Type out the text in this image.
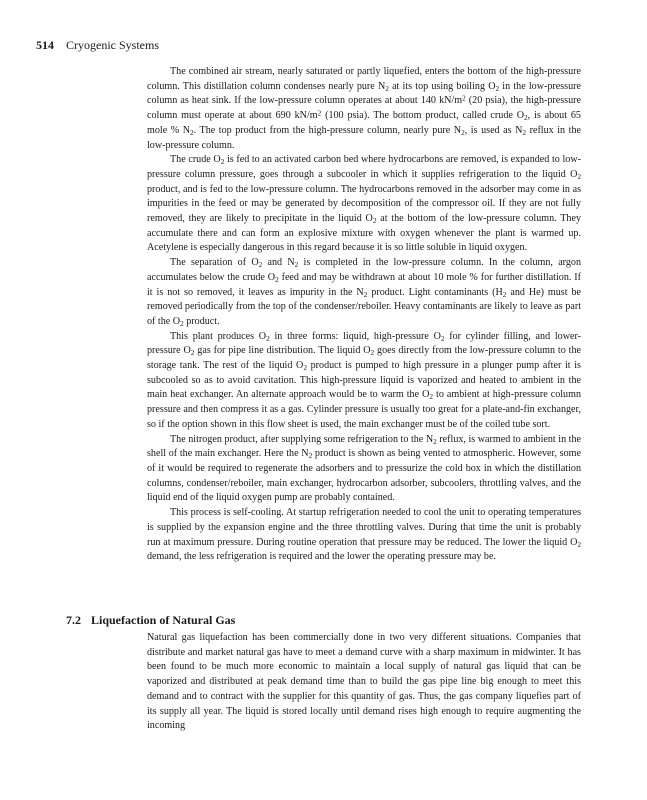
514 Cryogenic Systems

The combined air stream, nearly saturated or partly liquefied, enters the bottom of the high-pressure column. This distillation column condenses nearly pure $N_2$ at its top using boiling $O_2$ in the low-pressure column as heat sink. If the low-pressure column operates at about 140 $kN/m^2$ (20 psia), the high-pressure column must operate at about 690 $kN/m^2$ (100 psia). The bottom product, called crude $O_2$, is about 65 mole % $N_2$. The top product from the high-pressure column, nearly pure $N_2$, is used as $N_2$ reflux in the low-pressure column.

The crude $O_2$ is fed to an activated carbon bed where hydrocarbons are removed, is expanded to low-pressure column pressure, goes through a subcooler in which it supplies refrigeration to the liquid $O_2$ product, and is fed to the low-pressure column. The hydrocarbons removed in the adsorber may come in as impurities in the feed or may be generated by decomposition of the compressor oil. If they are not fully removed, they are likely to precipitate in the liquid $O_2$ at the bottom of the low-pressure column. They accumulate there and can form an explosive mixture with oxygen whenever the plant is warmed up. Acetylene is especially dangerous in this regard because it is so little soluble in liquid oxygen.

The separation of $O_2$ and $N_2$ is completed in the low-pressure column. In the column, argon accumulates below the crude $O_2$ feed and may be withdrawn at about 10 mole % for further distillation. If it is not so removed, it leaves as impurity in the $N_2$ product. Light contaminants ($H_2$ and He) must be removed periodically from the top of the condenser/reboiler. Heavy contaminants are likely to leave as part of the $O_2$ product.

This plant produces $O_2$ in three forms: liquid, high-pressure $O_2$ for cylinder filling, and lower-pressure $O_2$ gas for pipe line distribution. The liquid $O_2$ goes directly from the low-pressure column to the storage tank. The rest of the liquid $O_2$ product is pumped to high pressure in a plunger pump after it is subcooled so as to avoid cavitation. This high-pressure liquid is vaporized and heated to ambient in the main heat exchanger. An alternate approach would be to warm the $O_2$ to ambient at high-pressure column pressure and then compress it as a gas. Cylinder pressure is usually too great for a plate-and-fin exchanger, so if the option shown in this flow sheet is used, the main exchanger must be of the coiled tube sort.

The nitrogen product, after supplying some refrigeration to the $N_2$ reflux, is warmed to ambient in the shell of the main exchanger. Here the $N_2$ product is shown as being vented to atmospheric. However, some of it would be required to regenerate the adsorbers and to pressurize the cold box in which the distillation columns, condenser/reboiler, main exchanger, hydrocarbon adsorber, subcoolers, throttling valves, and the liquid end of the liquid oxygen pump are probably contained.

This process is self-cooling. At startup refrigeration needed to cool the unit to operating temperatures is supplied by the expansion engine and the three throttling valves. During that time the unit is probably run at maximum pressure. During routine operation that pressure may be reduced. The lower the liquid $O_2$ demand, the less refrigeration is required and the lower the operating pressure may be.

7.2 Liquefaction of Natural Gas

Natural gas liquefaction has been commercially done in two very different situations. Companies that distribute and market natural gas have to meet a demand curve with a sharp maximum in midwinter. It has been found to be much more economic to maintain a local supply of natural gas liquid that can be vaporized and distributed at peak demand time than to build the gas pipe line big enough to meet this demand and to contract with the supplier for this quantity of gas. Thus, the gas company liquefies part of its supply all year. The liquid is stored locally until demand rises high enough to require augmenting the incoming
